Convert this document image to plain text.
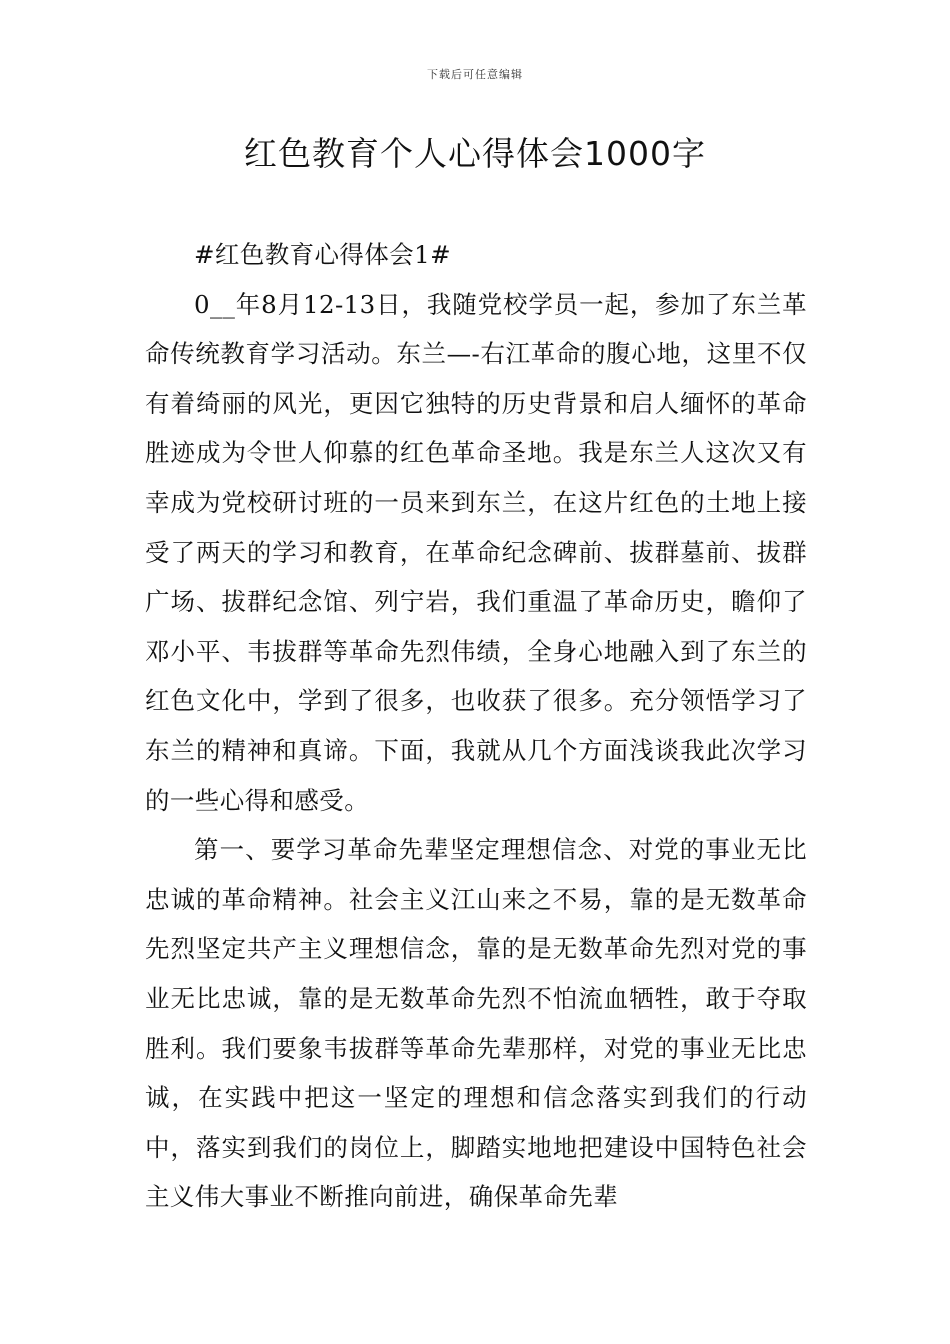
下载后可任意编辑
红色教育个人心得体会1000字

#红色教育心得体会1#

0__年8月12-13日，我随党校学员一起，参加了东兰革命传统教育学习活动。东兰—-右江革命的腹心地，这里不仅有着绮丽的风光，更因它独特的历史背景和启人缅怀的革命胜迹成为令世人仰慕的红色革命圣地。我是东兰人这次又有幸成为党校研讨班的一员来到东兰，在这片红色的土地上接受了两天的学习和教育，在革命纪念碑前、拔群墓前、拔群广场、拔群纪念馆、列宁岩，我们重温了革命历史，瞻仰了邓小平、韦拔群等革命先烈伟绩，全身心地融入到了东兰的红色文化中，学到了很多，也收获了很多。充分领悟学习了东兰的精神和真谛。下面，我就从几个方面浅谈我此次学习的一些心得和感受。

第一、要学习革命先辈坚定理想信念、对党的事业无比忠诚的革命精神。社会主义江山来之不易，靠的是无数革命先烈坚定共产主义理想信念，靠的是无数革命先烈对党的事业无比忠诚，靠的是无数革命先烈不怕流血牺牲，敢于夺取胜利。我们要象韦拔群等革命先辈那样，对党的事业无比忠诚，在实践中把这一坚定的理想和信念落实到我们的行动中，落实到我们的岗位上，脚踏实地地把建设中国特色社会主义伟大事业不断推向前进，确保革命先辈
